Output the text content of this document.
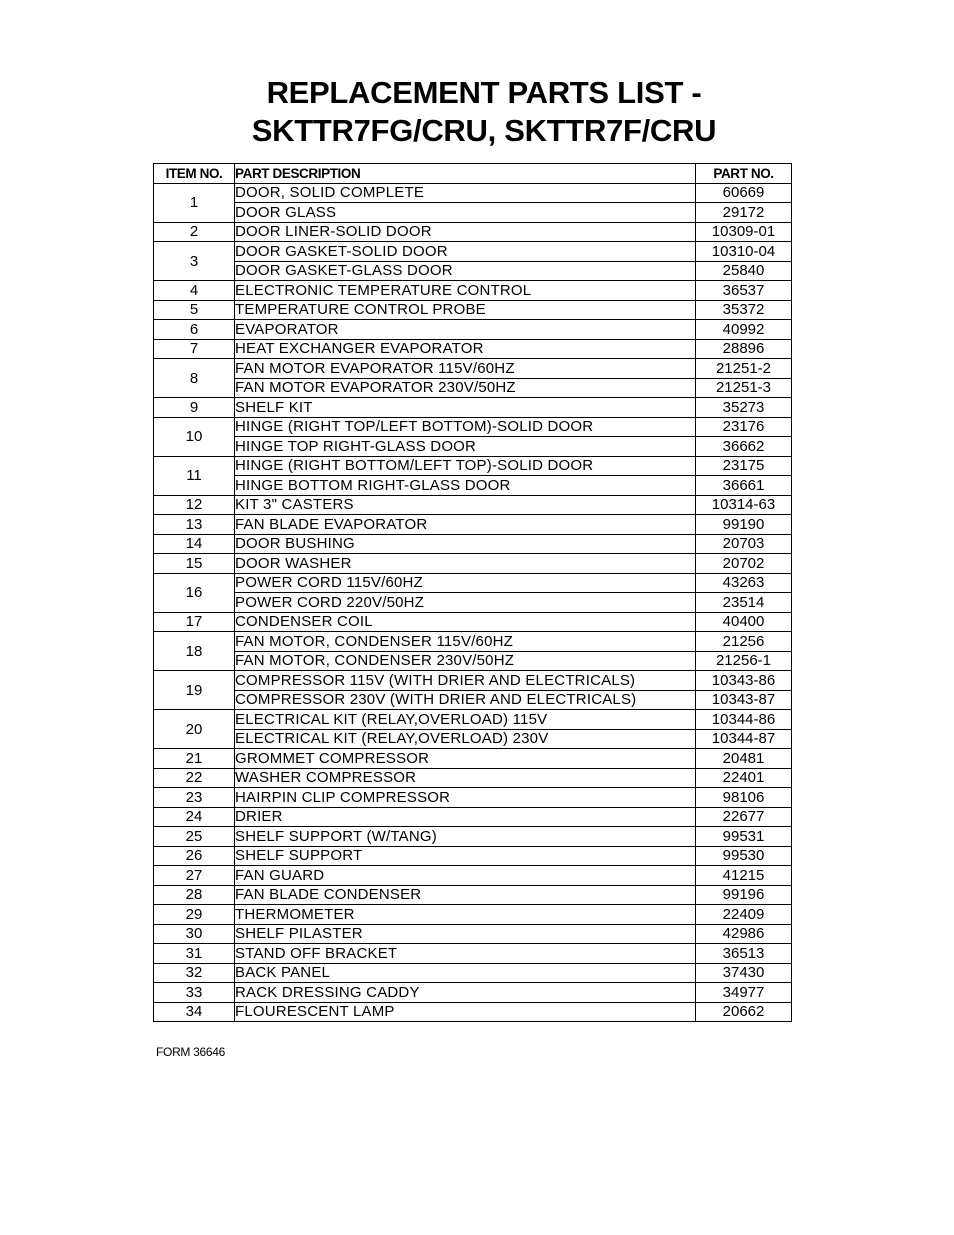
REPLACEMENT PARTS LIST -
SKTTR7FG/CRU, SKTTR7F/CRU
ITEM NO.	PART DESCRIPTION	PART NO.
1	DOOR, SOLID COMPLETE	60669
	DOOR GLASS	29172
2	DOOR LINER-SOLID DOOR	10309-01
3	DOOR GASKET-SOLID DOOR	10310-04
	DOOR GASKET-GLASS DOOR	25840
4	ELECTRONIC TEMPERATURE CONTROL	36537
5	TEMPERATURE CONTROL PROBE	35372
6	EVAPORATOR	40992
7	HEAT EXCHANGER EVAPORATOR	28896
8	FAN MOTOR EVAPORATOR 115V/60HZ	21251-2
	FAN MOTOR EVAPORATOR 230V/50HZ	21251-3
9	SHELF KIT	35273
10	HINGE (RIGHT TOP/LEFT BOTTOM)-SOLID DOOR	23176
	HINGE TOP RIGHT-GLASS DOOR	36662
11	HINGE (RIGHT BOTTOM/LEFT TOP)-SOLID DOOR	23175
	HINGE BOTTOM RIGHT-GLASS DOOR	36661
12	KIT 3" CASTERS	10314-63
13	FAN BLADE EVAPORATOR	99190
14	DOOR BUSHING	20703
15	DOOR WASHER	20702
16	POWER CORD 115V/60HZ	43263
	POWER CORD 220V/50HZ	23514
17	CONDENSER COIL	40400
18	FAN MOTOR, CONDENSER 115V/60HZ	21256
	FAN MOTOR, CONDENSER 230V/50HZ	21256-1
19	COMPRESSOR 115V (WITH DRIER AND ELECTRICALS)	10343-86
	COMPRESSOR 230V (WITH DRIER AND ELECTRICALS)	10343-87
20	ELECTRICAL KIT (RELAY,OVERLOAD) 115V	10344-86
	ELECTRICAL KIT (RELAY,OVERLOAD) 230V	10344-87
21	GROMMET COMPRESSOR	20481
22	WASHER COMPRESSOR	22401
23	HAIRPIN CLIP COMPRESSOR	98106
24	DRIER	22677
25	SHELF SUPPORT (W/TANG)	99531
26	SHELF SUPPORT	99530
27	FAN GUARD	41215
28	FAN BLADE CONDENSER	99196
29	THERMOMETER	22409
30	SHELF PILASTER	42986
31	STAND OFF BRACKET	36513
32	BACK PANEL	37430
33	RACK DRESSING CADDY	34977
34	FLOURESCENT LAMP	20662
FORM 36646
